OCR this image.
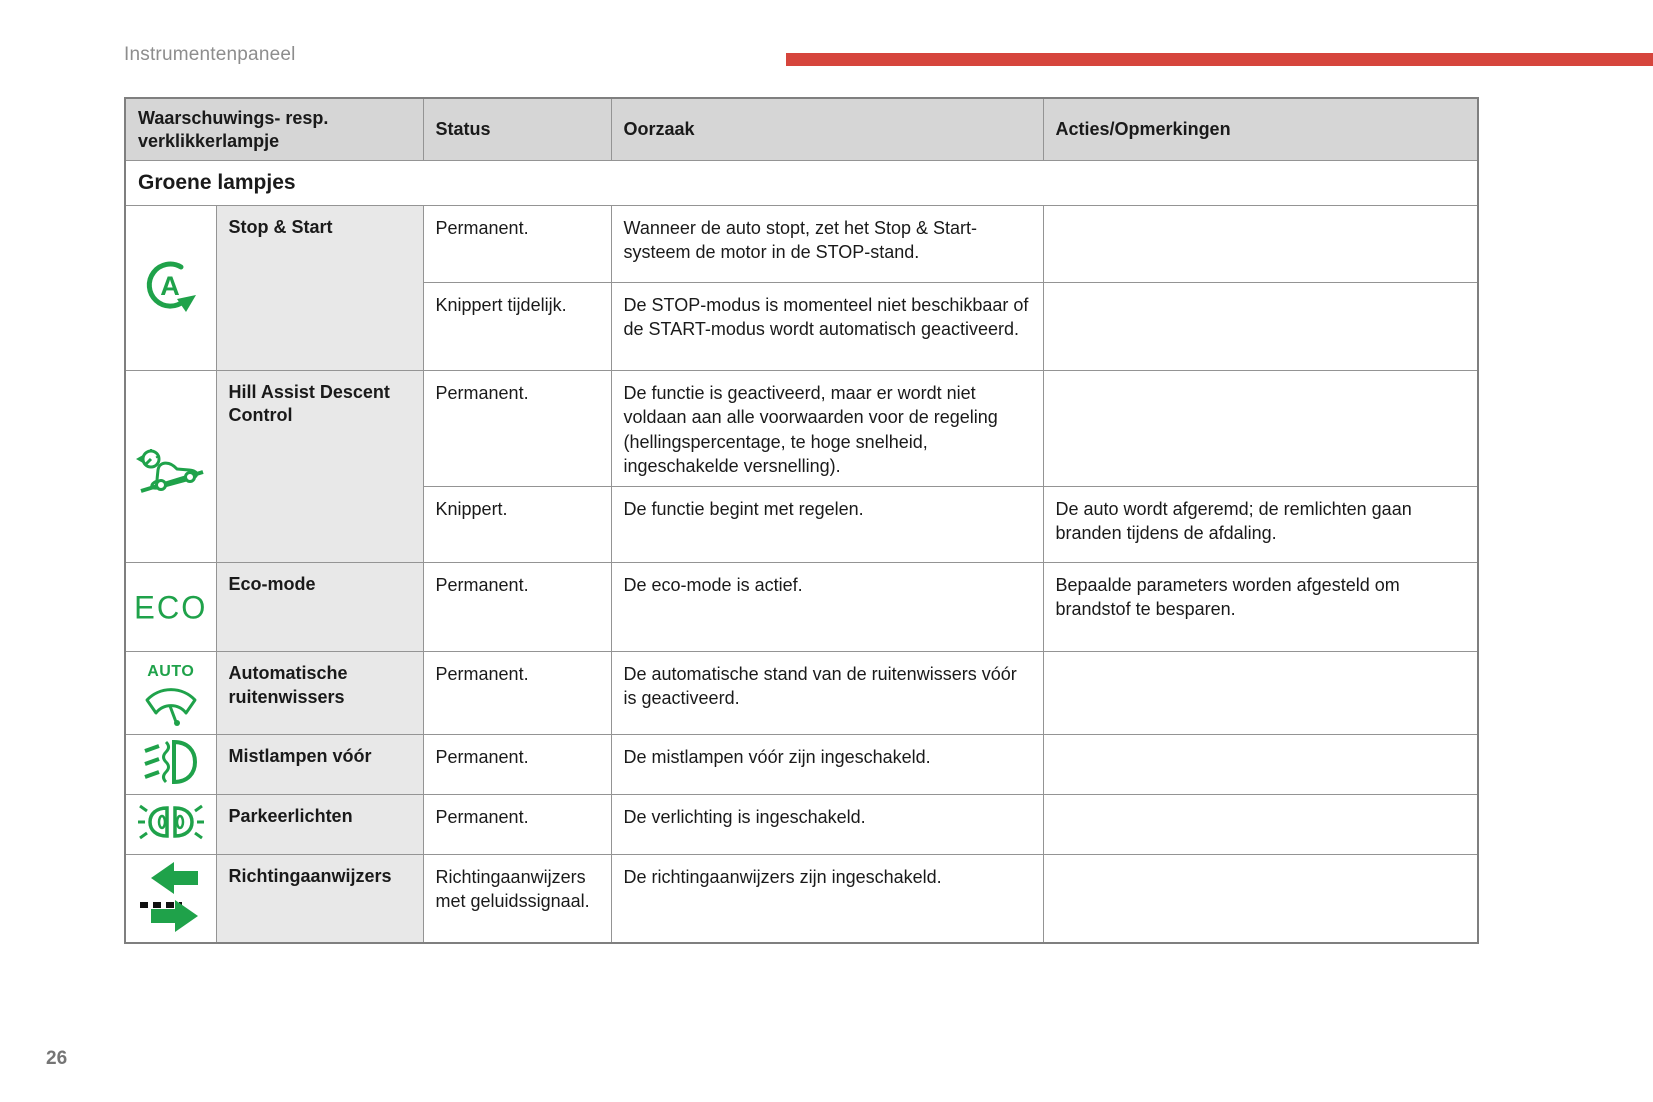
Instrumentenpaneel
Waarschuwings- resp. verklikkerlampje		Status	Oorzaak	Acties/Opmerkingen
Groene lampjes				

A	Stop & Start	Permanent.	Wanneer de auto stopt, zet het Stop & Start-systeem de motor in de STOP-stand.	
		Knippert tijdelijk.	De STOP-modus is momenteel niet beschikbaar of de START-modus wordt automatisch geactiveerd.	
	Hill Assist Descent Control	Permanent.	De functie is geactiveerd, maar er wordt niet voldaan aan alle voorwaarden voor de regeling (hellingspercentage, te hoge snelheid, ingeschakelde versnelling).	
		Knippert.	De functie begint met regelen.	De auto wordt afgeremd; de remlichten gaan branden tijdens de afdaling.
ECO	Eco-mode	Permanent.	De eco-mode is actief.	Bepaalde parameters worden afgesteld om brandstof te besparen.

AUTO	Automatische ruitenwissers	Permanent.	De automatische stand van de ruitenwissers vóór is geactiveerd.	
	Mistlampen vóór	Permanent.	De mistlampen vóór zijn ingeschakeld.	
	Parkeerlichten	Permanent.	De verlichting is ingeschakeld.	
	Richtingaanwijzers	Richtingaanwijzers met geluidssignaal.	De richtingaanwijzers zijn ingeschakeld.	
26
